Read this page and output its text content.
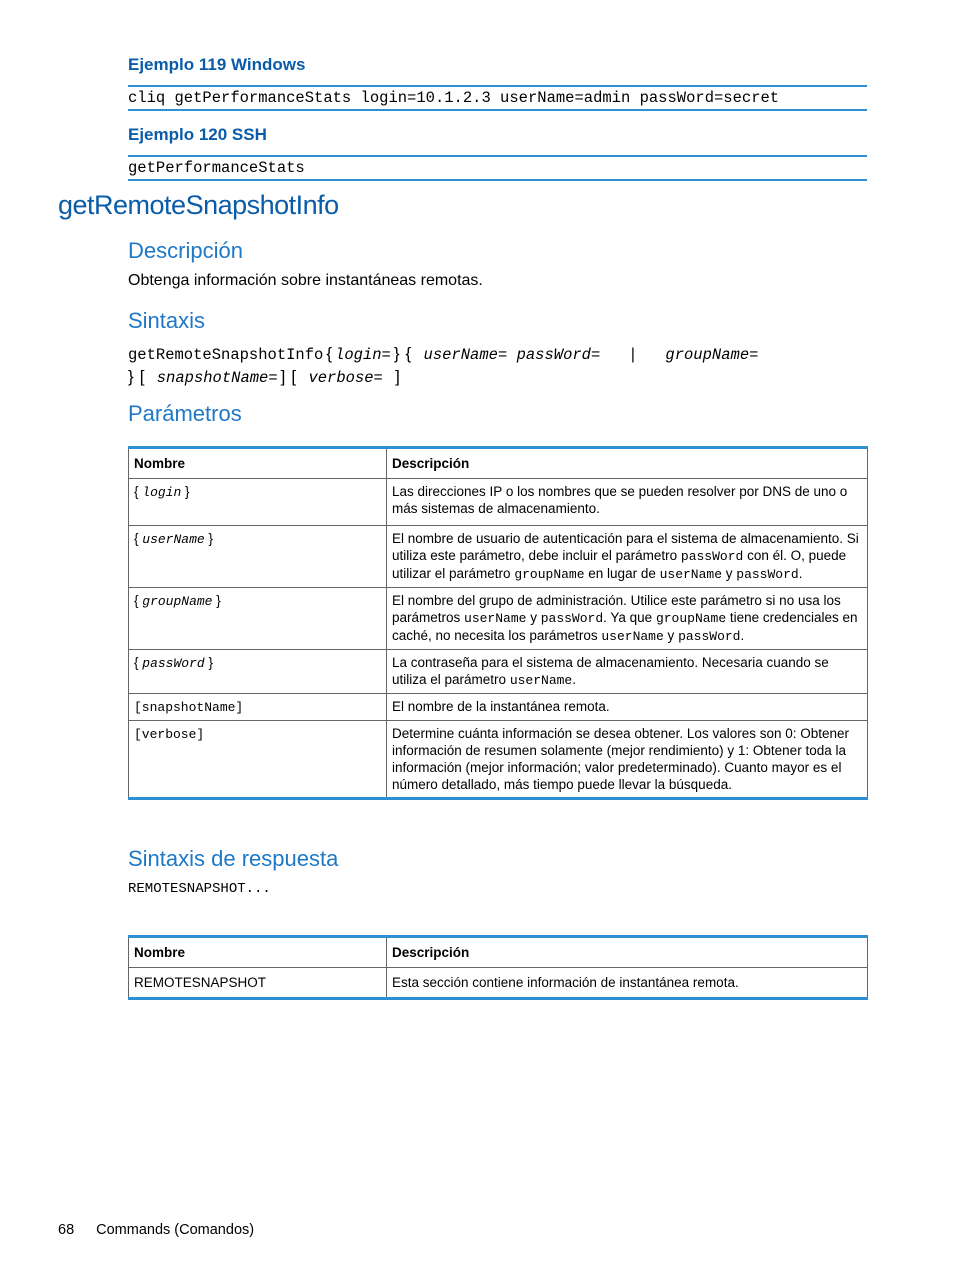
Ejemplo 119 Windows
cliq getPerformanceStats login=10.1.2.3 userName=admin passWord=secret
Ejemplo 120 SSH
getPerformanceStats
getRemoteSnapshotInfo
Descripción
Obtenga información sobre instantáneas remotas.
Sintaxis
getRemoteSnapshotInfo { login= } { userName= passWord= | groupName=
} [ snapshotName= ] [ verbose= ]
Parámetros
Nombre	Descripción
{ login }	Las direcciones IP o los nombres que se pueden resolver por DNS de uno o más sistemas de almacenamiento.
{ userName }	El nombre de usuario de autenticación para el sistema de almacenamiento. Si utiliza este parámetro, debe incluir el parámetro passWord con él. O, puede utilizar el parámetro groupName en lugar de userName y passWord.
{ groupName }	El nombre del grupo de administración. Utilice este parámetro si no usa los parámetros userName y passWord. Ya que groupName tiene credenciales en caché, no necesita los parámetros userName y passWord.
{ passWord }	La contraseña para el sistema de almacenamiento. Necesaria cuando se utiliza el parámetro userName.
[snapshotName]	El nombre de la instantánea remota.
[verbose]	Determine cuánta información se desea obtener. Los valores son 0: Obtener información de resumen solamente (mejor rendimiento) y 1: Obtener toda la información (mejor información; valor predeterminado). Cuanto mayor es el número detallado, más tiempo puede llevar la búsqueda.
Sintaxis de respuesta
REMOTESNAPSHOT...
Nombre	Descripción
REMOTESNAPSHOT	Esta sección contiene información de instantánea remota.
68 Commands (Comandos)
